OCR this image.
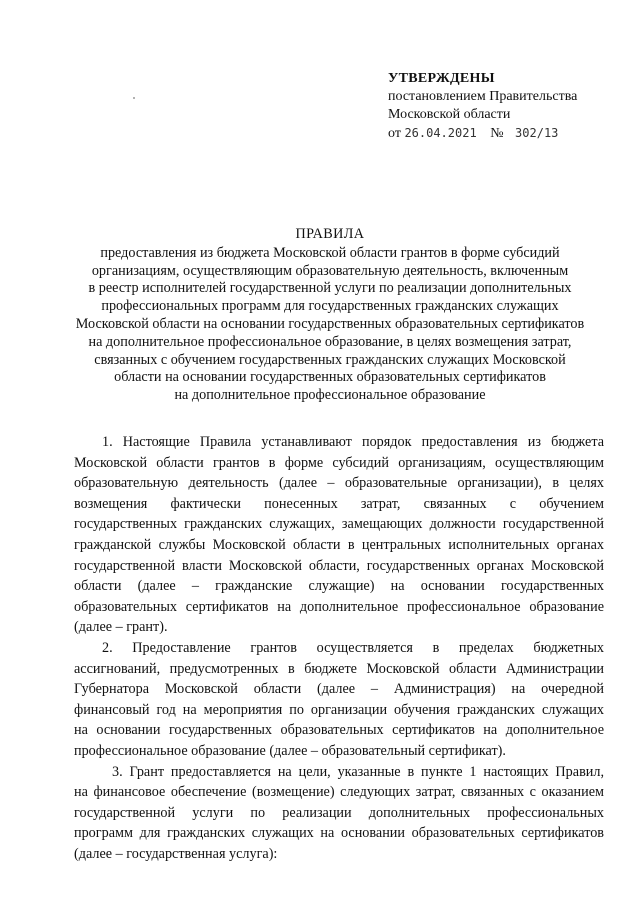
УТВЕРЖДЕНЫ
постановлением Правительства
Московской области
от 26.04.2021 № 302/13
ПРАВИЛА
предоставления из бюджета Московской области грантов в форме субсидий
организациям, осуществляющим образовательную деятельность, включенным
в реестр исполнителей государственной услуги по реализации дополнительных
профессиональных программ для государственных гражданских служащих
Московской области на основании государственных образовательных сертификатов
на дополнительное профессиональное образование, в целях возмещения затрат,
связанных с обучением государственных гражданских служащих Московской
области на основании государственных образовательных сертификатов
на дополнительное профессиональное образование
1. Настоящие Правила устанавливают порядок предоставления из бюджета
Московской области грантов в форме субсидий организациям, осуществляющим
образовательную деятельность (далее – образовательные организации), в целях
возмещения фактически понесенных затрат, связанных с обучением
государственных гражданских служащих, замещающих должности государственной
гражданской службы Московской области в центральных исполнительных органах
государственной власти Московской области, государственных органах Московской
области (далее – гражданские служащие) на основании государственных
образовательных сертификатов на дополнительное профессиональное образование
(далее – грант).
2. Предоставление грантов осуществляется в пределах бюджетных
ассигнований, предусмотренных в бюджете Московской области Администрации
Губернатора Московской области (далее – Администрация) на очередной
финансовый год на мероприятия по организации обучения гражданских служащих
на основании государственных образовательных сертификатов на дополнительное
профессиональное образование (далее – образовательный сертификат).
3. Грант предоставляется на цели, указанные в пункте 1 настоящих Правил,
на финансовое обеспечение (возмещение) следующих затрат, связанных с оказанием
государственной услуги по реализации дополнительных профессиональных
программ для гражданских служащих на основании образовательных сертификатов
(далее – государственная услуга):
